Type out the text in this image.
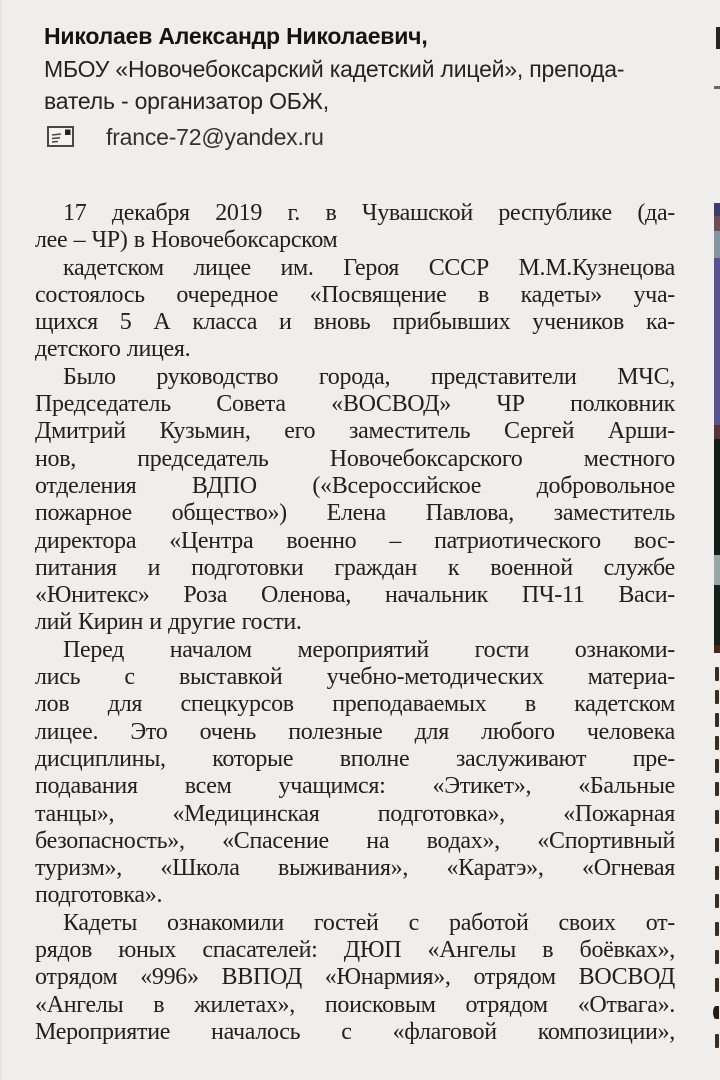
Николаев Александр Николаевич,
МБОУ «Новочебоксарский кадетский лицей», препода-
ватель - организатор ОБЖ,
france-72@yandex.ru
17 декабря 2019 г. в Чувашской республике (да-
лее – ЧР) в Новочебоксарском
кадетском лицее им. Героя СССР М.М.Кузнецова
состоялось очередное «Посвящение в кадеты» уча-
щихся 5 А класса и вновь прибывших учеников ка-
детского лицея.
Было руководство города, представители МЧС,
Председатель Совета «ВОСВОД» ЧР полковник
Дмитрий Кузьмин, его заместитель Сергей Арши-
нов, председатель Новочебоксарского местного
отделения ВДПО («Всероссийское добровольное
пожарное общество») Елена Павлова, заместитель
директора «Центра военно – патриотического вос-
питания и подготовки граждан к военной службе
«Юнитекс» Роза Оленова, начальник ПЧ-11 Васи-
лий Кирин и другие гости.
Перед началом мероприятий гости ознакоми-
лись с выставкой учебно-методических материа-
лов для спецкурсов преподаваемых в кадетском
лицее. Это очень полезные для любого человека
дисциплины, которые вполне заслуживают пре-
подавания всем учащимся: «Этикет», «Бальные
танцы», «Медицинская подготовка», «Пожарная
безопасность», «Спасение на водах», «Спортивный
туризм», «Школа выживания», «Каратэ», «Огневая
подготовка».
Кадеты ознакомили гостей с работой своих от-
рядов юных спасателей: ДЮП «Ангелы в боёвках»,
отрядом «996» ВВПОД «Юнармия», отрядом ВОСВОД
«Ангелы в жилетах», поисковым отрядом «Отвага».
Мероприятие началось с «флаговой композиции»,
